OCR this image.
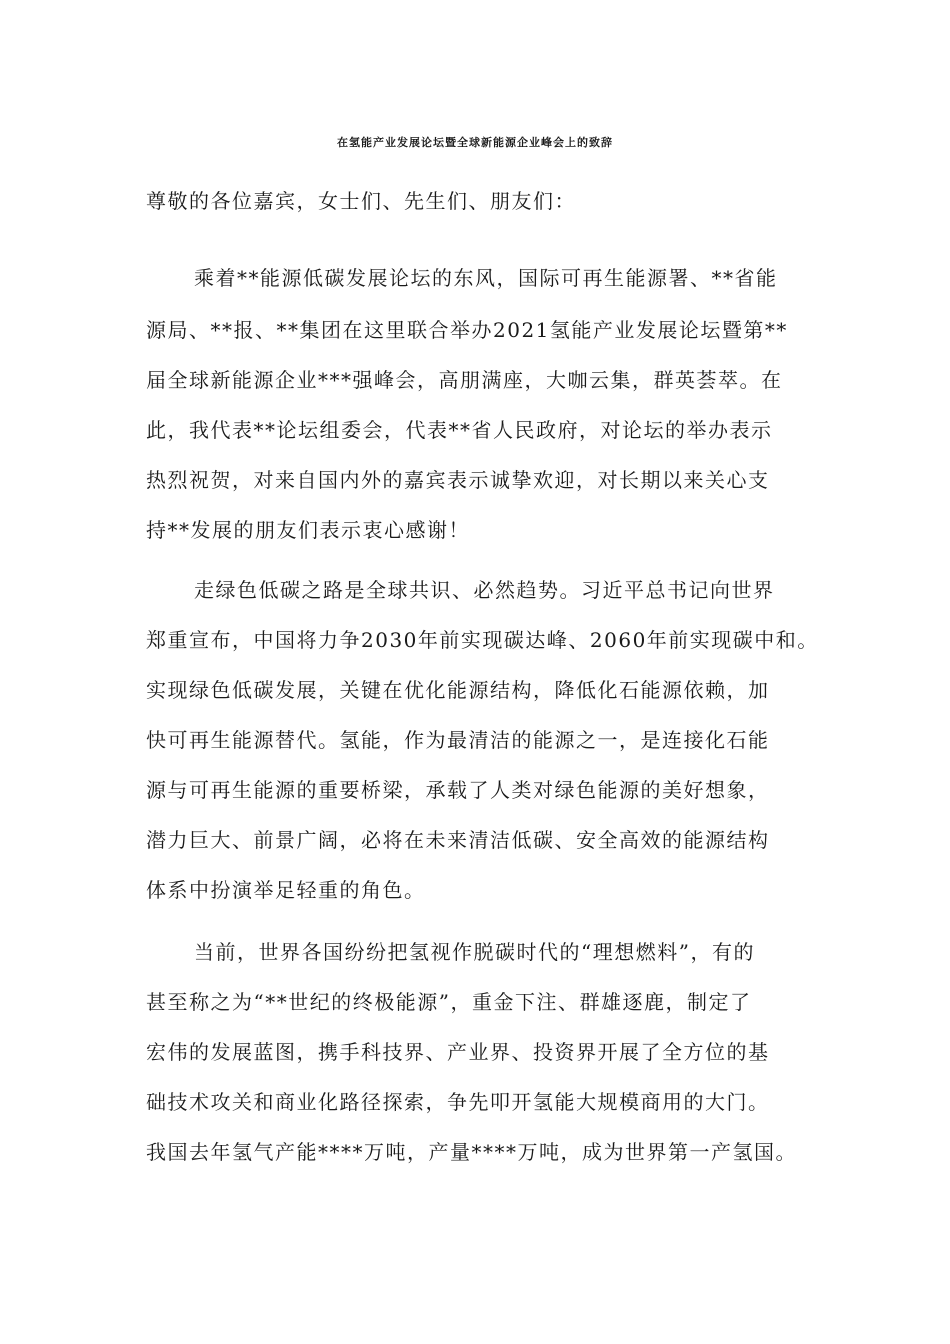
在氢能产业发展论坛暨全球新能源企业峰会上的致辞
尊敬的各位嘉宾，女士们、先生们、朋友们：
乘着**能源低碳发展论坛的东风，国际可再生能源署、**省能
源局、**报、**集团在这里联合举办2021氢能产业发展论坛暨第**
届全球新能源企业***强峰会，高朋满座，大咖云集，群英荟萃。在
此，我代表**论坛组委会，代表**省人民政府，对论坛的举办表示
热烈祝贺，对来自国内外的嘉宾表示诚挚欢迎，对长期以来关心支
持**发展的朋友们表示衷心感谢！
走绿色低碳之路是全球共识、必然趋势。习近平总书记向世界
郑重宣布，中国将力争2030年前实现碳达峰、2060年前实现碳中和。
实现绿色低碳发展，关键在优化能源结构，降低化石能源依赖，加
快可再生能源替代。氢能，作为最清洁的能源之一，是连接化石能
源与可再生能源的重要桥梁，承载了人类对绿色能源的美好想象，
潜力巨大、前景广阔，必将在未来清洁低碳、安全高效的能源结构
体系中扮演举足轻重的角色。
当前，世界各国纷纷把氢视作脱碳时代的“理想燃料”，有的
甚至称之为“**世纪的终极能源”，重金下注、群雄逐鹿，制定了
宏伟的发展蓝图，携手科技界、产业界、投资界开展了全方位的基
础技术攻关和商业化路径探索，争先叩开氢能大规模商用的大门。
我国去年氢气产能****万吨，产量****万吨，成为世界第一产氢国。
